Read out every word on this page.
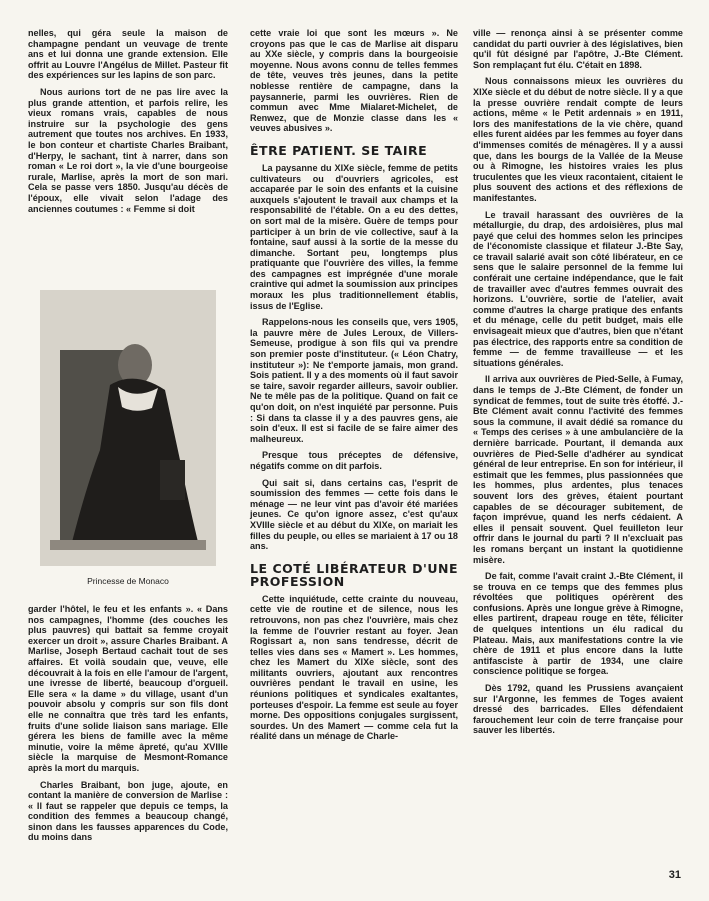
nelles, qui géra seule la maison de champagne pendant un veuvage de trente ans et lui donna une grande extension. Elle offrit au Louvre l'Angélus de Millet. Pasteur fit des expériences sur les lapins de son parc.

Nous aurions tort de ne pas lire avec la plus grande attention, et parfois relire, les vieux romans vrais, capables de nous instruire sur la psychologie des gens autrement que toutes nos archives. En 1933, le bon conteur et chartiste Charles Braibant, d'Herpy, le sachant, tint à narrer, dans son roman « Le roi dort », la vie d'une bourgeoise rurale, Marlise, après la mort de son mari. Cela se passe vers 1850. Jusqu'au décès de l'époux, elle vivait selon l'adage des anciennes coutumes : « Femme si doit

Princesse de Monaco

garder l'hôtel, le feu et les enfants ». « Dans nos campagnes, l'homme (des couches les plus pauvres) qui battait sa femme croyait exercer un droit », assure Charles Braibant. A Marlise, Joseph Bertaud cachait tout de ses affaires. Et voilà soudain que, veuve, elle découvrait à la fois en elle l'amour de l'argent, une ivresse de liberté, beaucoup d'orgueil. Elle sera « la dame » du village, usant d'un pouvoir absolu y compris sur son fils dont elle ne connaîtra que très tard les enfants, fruits d'une solide liaison sans mariage. Elle gérera les biens de famille avec la même minutie, voire la même âpreté, qu'au XVIIIe siècle la marquise de Mesmont-Romance après la mort du marquis.

Charles Braibant, bon juge, ajoute, en contant la manière de conversion de Marlise : « Il faut se rappeler que depuis ce temps, la condition des femmes a beaucoup changé, sinon dans les fausses apparences du Code, du moins dans

cette vraie loi que sont les mœurs ». Ne croyons pas que le cas de Marlise ait disparu au XXe siècle, y compris dans la bourgeoisie moyenne. Nous avons connu de telles femmes de tête, veuves très jeunes, dans la petite noblesse rentière de campagne, dans la paysannerie, parmi les ouvrières. Rien de commun avec Mme Mialaret-Michelet, de Renwez, que de Monzie classe dans les « veuves abusives ».

ÊTRE PATIENT. SE TAIRE

La paysanne du XIXe siècle, femme de petits cultivateurs ou d'ouvriers agricoles, est accaparée par le soin des enfants et la cuisine auxquels s'ajoutent le travail aux champs et la responsabilité de l'étable. On a eu des dettes, on sort mal de la misère. Guère de temps pour participer à un brin de vie collective, sauf à la fontaine, sauf aussi à la sortie de la messe du dimanche. Sortant peu, longtemps plus pratiquante que l'ouvrière des villes, la femme des campagnes est imprégnée d'une morale craintive qui admet la soumission aux principes moraux les plus traditionnellement établis, issus de l'Eglise.

Rappelons-nous les conseils que, vers 1905, la pauvre mère de Jules Leroux, de Villers-Semeuse, prodigue à son fils qui va prendre son premier poste d'instituteur. (« Léon Chatry, instituteur »): Ne t'emporte jamais, mon grand. Sois patient. Il y a des moments où il faut savoir se taire, savoir regarder ailleurs, savoir oublier. Ne te mêle pas de la politique. Quand on fait ce qu'on doit, on n'est inquiété par personne. Puis : Si dans ta classe il y a des pauvres gens, aie soin d'eux. Il est si facile de se faire aimer des malheureux.

Presque tous préceptes de défensive, négatifs comme on dit parfois.

Qui sait si, dans certains cas, l'esprit de soumission des femmes — cette fois dans le ménage — ne leur vint pas d'avoir été mariées jeunes. Ce qu'on ignore assez, c'est qu'aux XVIIIe siècle et au début du XIXe, on mariait les filles du peuple, ou elles se mariaient à 17 ou 18 ans.

LE COTÉ LIBÉRATEUR D'UNE PROFESSION

Cette inquiétude, cette crainte du nouveau, cette vie de routine et de silence, nous les retrouvons, non pas chez l'ouvrière, mais chez la femme de l'ouvrier restant au foyer. Jean Rogissart a, non sans tendresse, décrit de telles vies dans ses « Mamert ». Les hommes, chez les Mamert du XIXe siècle, sont des militants ouvriers, ajoutant aux rencontres ouvrières pendant le travail en usine, les réunions politiques et syndicales exaltantes, porteuses d'espoir. La femme est seule au foyer morne. Des oppositions conjugales surgissent, sourdes. Un des Mamert — comme cela fut la réalité dans un ménage de Charle-

ville — renonça ainsi à se présenter comme candidat du parti ouvrier à des législatives, bien qu'il fût désigné par l'apôtre, J.-Bte Clément. Son remplaçant fut élu. C'était en 1898.

Nous connaissons mieux les ouvrières du XIXe siècle et du début de notre siècle. Il y a que la presse ouvrière rendait compte de leurs actions, même « le Petit ardennais » en 1911, lors des manifestations de la vie chère, quand elles furent aidées par les femmes au foyer dans d'immenses comités de ménagères. Il y a aussi que, dans les bourgs de la Vallée de la Meuse ou à Rimogne, les histoires vraies les plus truculentes que les vieux racontaient, citaient le plus souvent des actions et des réflexions de manifestantes.

Le travail harassant des ouvrières de la métallurgie, du drap, des ardoisières, plus mal payé que celui des hommes selon les principes de l'économiste classique et filateur J.-Bte Say, ce travail salarié avait son côté libérateur, en ce sens que le salaire personnel de la femme lui conférait une certaine indépendance, que le fait de travailler avec d'autres femmes ouvrait des horizons. L'ouvrière, sortie de l'atelier, avait comme d'autres la charge pratique des enfants et du ménage, celle du petit budget, mais elle envisageait mieux que d'autres, bien que n'étant pas électrice, des rapports entre sa condition de femme — de femme travailleuse — et les situations générales.

Il arriva aux ouvrières de Pied-Selle, à Fumay, dans le temps de J.-Bte Clément, de fonder un syndicat de femmes, tout de suite très étoffé. J.-Bte Clément avait connu l'activité des femmes sous la commune, il avait dédié sa romance du « Temps des cerises » à une ambulancière de la dernière barricade. Pourtant, il demanda aux ouvrières de Pied-Selle d'adhérer au syndicat général de leur entreprise. En son for intérieur, il estimait que les femmes, plus passionnées que les hommes, plus ardentes, plus tenaces souvent lors des grèves, étaient pourtant capables de se décourager subitement, de façon imprévue, quand les nerfs cédaient. A elles il pensait souvent. Quel feuilleton leur offrir dans le journal du parti ? Il n'excluait pas les romans berçant un instant la quotidienne misère.

De fait, comme l'avait craint J.-Bte Clément, il se trouva en ce temps que des femmes plus révoltées que politiques opérèrent des confusions. Après une longue grève à Rimogne, elles partirent, drapeau rouge en tête, féliciter de quelques intentions un élu radical du Plateau. Mais, aux manifestations contre la vie chère de 1911 et plus encore dans la lutte antifasciste à partir de 1934, une claire conscience politique se forgea.

Dès 1792, quand les Prussiens avançaient sur l'Argonne, les femmes de Toges avaient dressé des barricades. Elles défendaient farouchement leur coin de terre française pour sauver les libertés.

31
